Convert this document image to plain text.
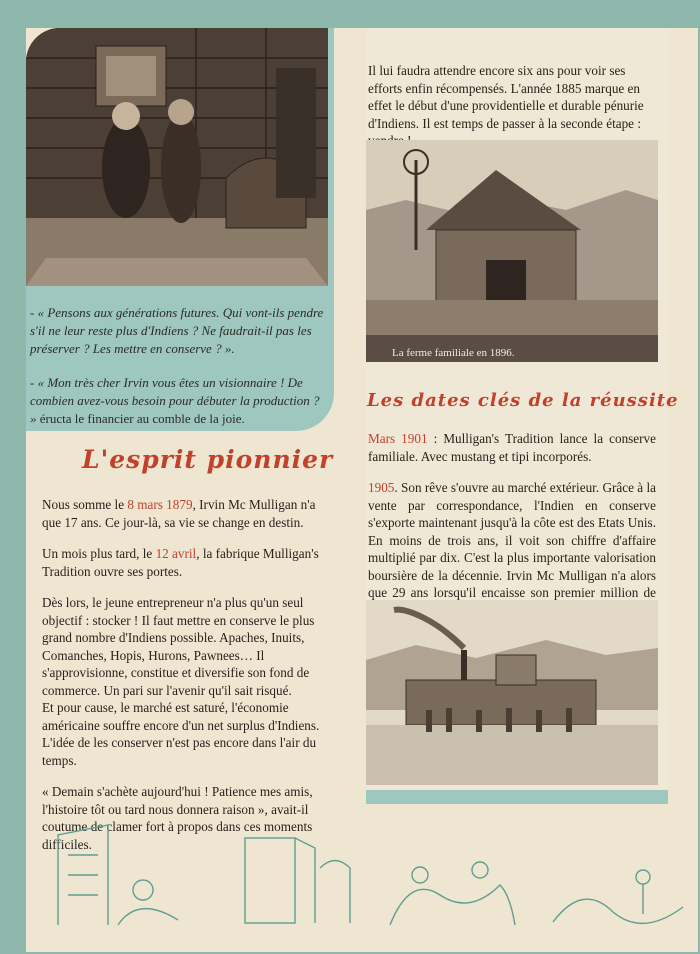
- « Pensons aux générations futures. Qui vont-ils pendre s'il ne leur reste plus d'Indiens ? Ne faudrait-il pas les préserver ? Les mettre en conserve ? ».
- « Mon très cher Irvin vous êtes un visionnaire ! De combien avez-vous besoin pour débuter la production ? » éructa le financier au comble de la joie.
L'esprit pionnier

Nous somme le 8 mars 1879, Irvin Mc Mulligan n'a que 17 ans. Ce jour-là, sa vie se change en destin.

Un mois plus tard, le 12 avril, la fabrique Mulligan's Tradition ouvre ses portes.

Dès lors, le jeune entrepreneur n'a plus qu'un seul objectif : stocker ! Il faut mettre en conserve le plus grand nombre d'Indiens possible. Apaches, Inuits, Comanches, Hopis, Hurons, Pawnees… Il s'approvisionne, constitue et diversifie son fond de commerce. Un pari sur l'avenir qu'il sait risqué.

Et pour cause, le marché est saturé, l'économie américaine souffre encore d'un net surplus d'Indiens. L'idée de les conserver n'est pas encore dans l'air du temps.

« Demain s'achète aujourd'hui ! Patience mes amis, l'histoire tôt ou tard nous donnera raison », avait-il coutume de clamer fort à propos dans ces moments difficiles.

Il lui faudra attendre encore six ans pour voir ses efforts enfin récompensés. L'année 1885 marque en effet le début d'une providentielle et durable pénurie d'Indiens. Il est temps de passer à la seconde étape :
La ferme familiale en 1896.
Les dates clés de la réussite

Mars 1901 : Mulligan's Tradition lance la conserve familiale. Avec mustang et tipi incorporés.

1905. Son rêve s'ouvre au marché extérieur. Grâce à la vente par correspondance, l'Indien en conserve s'exporte maintenant jusqu'à la côte est des Etats Unis. En moins de trois ans, il voit son chiffre d'affaire multiplié par dix. C'est la plus importante valorisation boursière de la décennie. Irvin Mc Mulligan n'a alors que 29 ans lorsqu'il encaisse son premier million de
